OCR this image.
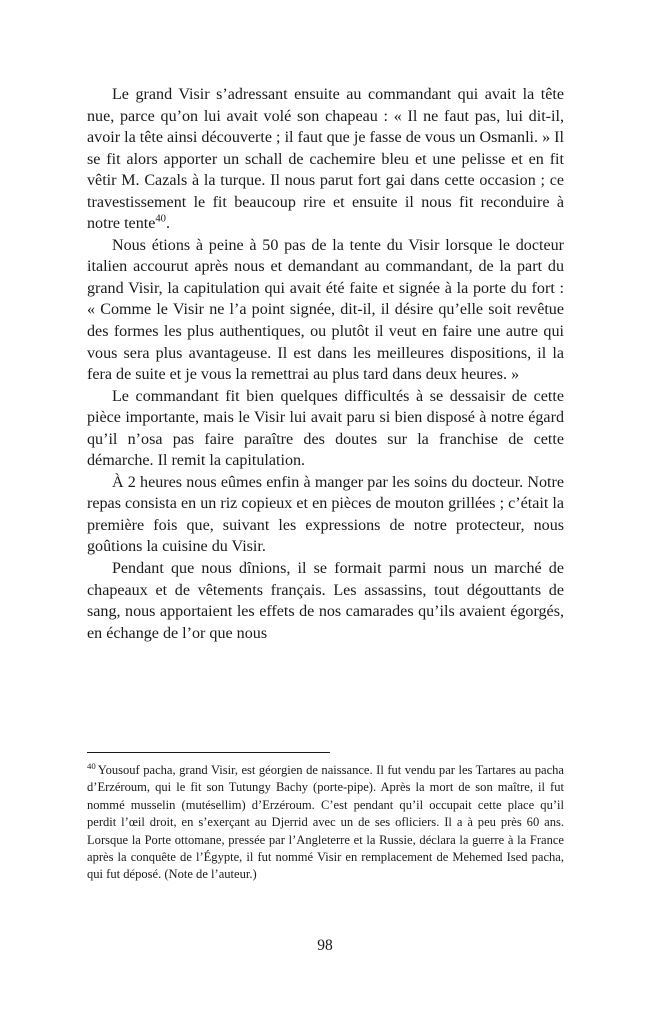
Le grand Visir s’adressant ensuite au commandant qui avait la tête nue, parce qu’on lui avait volé son chapeau : « Il ne faut pas, lui dit-il, avoir la tête ainsi découverte ; il faut que je fasse de vous un Osmanli. » Il se fit alors apporter un schall de cachemire bleu et une pelisse et en fit vêtir M. Cazals à la turque. Il nous parut fort gai dans cette occasion ; ce travestissement le fit beaucoup rire et ensuite il nous fit reconduire à notre tente$^{40}$.

Nous étions à peine à 50 pas de la tente du Visir lorsque le docteur italien accourut après nous et demandant au commandant, de la part du grand Visir, la capitulation qui avait été faite et signée à la porte du fort : « Comme le Visir ne l’a point signée, dit-il, il désire qu’elle soit revêtue des formes les plus authentiques, ou plutôt il veut en faire une autre qui vous sera plus avantageuse. Il est dans les meilleures dispositions, il la fera de suite et je vous la remettrai au plus tard dans deux heures. »

Le commandant fit bien quelques difficultés à se dessaisir de cette pièce importante, mais le Visir lui avait paru si bien disposé à notre égard qu’il n’osa pas faire paraître des doutes sur la franchise de cette démarche. Il remit la capitulation.

À 2 heures nous eûmes enfin à manger par les soins du docteur. Notre repas consista en un riz copieux et en pièces de mouton grillées ; c’était la première fois que, suivant les expressions de notre protecteur, nous goûtions la cuisine du Visir.

Pendant que nous dînions, il se formait parmi nous un marché de chapeaux et de vêtements français. Les assassins, tout dégouttants de sang, nous apportaient les effets de nos camarades qu’ils avaient égorgés, en échange de l’or que nous

$^{40}$ Yousouf pacha, grand Visir, est géorgien de naissance. Il fut vendu par les Tartares au pacha d’Erzéroum, qui le fit son Tutungy Bachy (porte-pipe). Après la mort de son maître, il fut nommé musselin (mutésellim) d’Erzéroum. C’est pendant qu’il occupait cette place qu’il perdit l’œil droit, en s’exerçant au Djerrid avec un de ses ofliciers. Il a à peu près 60 ans. Lorsque la Porte ottomane, pressée par l’Angleterre et la Russie, déclara la guerre à la France après la conquête de l’Égypte, il fut nommé Visir en remplacement de Mehemed Ised pacha, qui fut déposé. (Note de l’auteur.)

98
